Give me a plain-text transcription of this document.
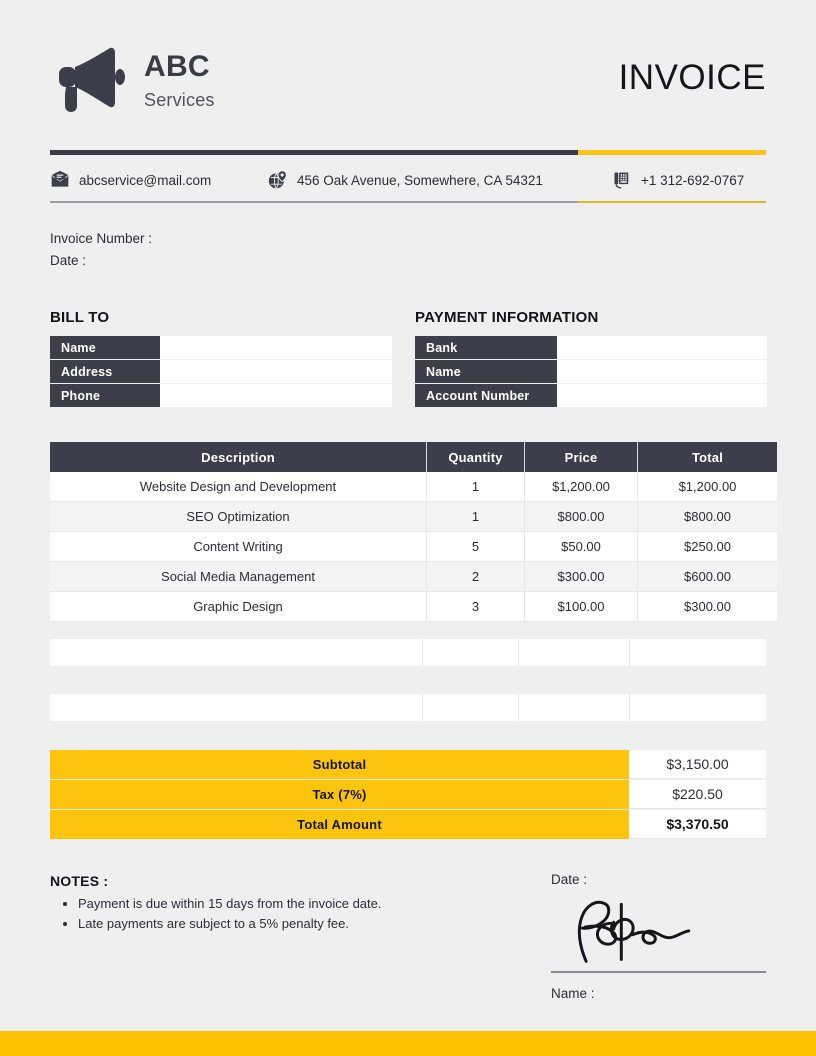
ABC
Services
INVOICE
abcservice@mail.com	456 Oak Avenue, Somewhere, CA 54321	+1 312-692-0767
Invoice Number :
Date :
BILL TO
Name	
Address	
Phone	
PAYMENT INFORMATION
Bank	
Name	
Account Number	
Description	Quantity	Price	Total
Website Design and Development	1	$1,200.00	$1,200.00
SEO Optimization	1	$800.00	$800.00
Content Writing	5	$50.00	$250.00
Social Media Management	2	$300.00	$600.00
Graphic Design	3	$100.00	$300.00
Subtotal	$3,150.00
Tax (7%)	$220.50
Total Amount	$3,370.50
NOTES :
• Payment is due within 15 days from the invoice date.
• Late payments are subject to a 5% penalty fee.
Date :
Name :
